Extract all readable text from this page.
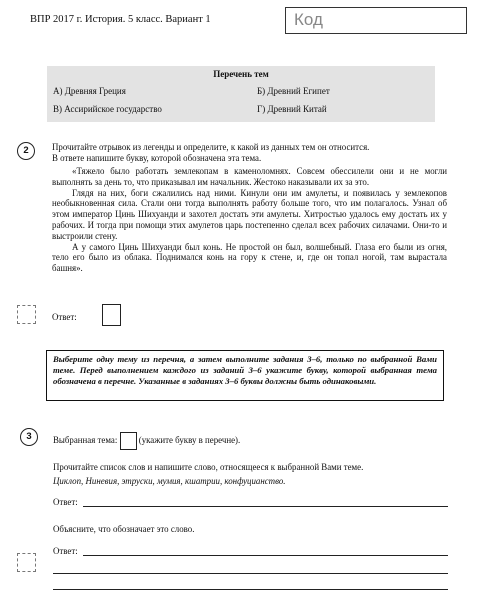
ВПР 2017 г. История. 5 класс. Вариант 1	Код
Перечень тем
А) Древняя Греция	Б) Древний Египет
В) Ассирийское государство	Г) Древний Китай
2	Прочитайте отрывок из легенды и определите, к какой из данных тем он относится.
В ответе напишите букву, которой обозначена эта тема.
«Тяжело было работать землекопам в каменоломнях. Совсем обессилели они и не могли выполнять за день то, что приказывал им начальник. Жестоко наказывали их за это.
Глядя на них, боги сжалились над ними. Кинули они им амулеты, и появилась у землекопов необыкновенная сила. Стали они тогда выполнять работу больше того, что им полагалось. Узнал об этом император Цинь Шихуанди и захотел достать эти амулеты. Хитростью удалось ему достать их у рабочих. И тогда при помощи этих амулетов царь постепенно сделал всех рабочих силачами. Они-то и выстроили стену.
А у самого Цинь Шихуанди был конь. Не простой он был, волшебный. Глаза его были из огня, тело его было из облака. Поднимался конь на гору к стене, и, где он топал ногой, там вырастала башня».
Ответ:
Выберите одну тему из перечня, а затем выполните задания 3–6, только по выбранной Вами теме. Перед выполнением каждого из заданий 3–6 укажите букву, которой выбранная тема обозначена в перечне. Указанные в заданиях 3–6 буквы должны быть одинаковыми.
3	Выбранная тема: (укажите букву в перечне).
Прочитайте список слов и напишите слово, относящееся к выбранной Вами теме.
Циклоп, Ниневия, этруски, мумия, кшатрии, конфуцианство.
Ответ:
Объясните, что обозначает это слово.
Ответ:
